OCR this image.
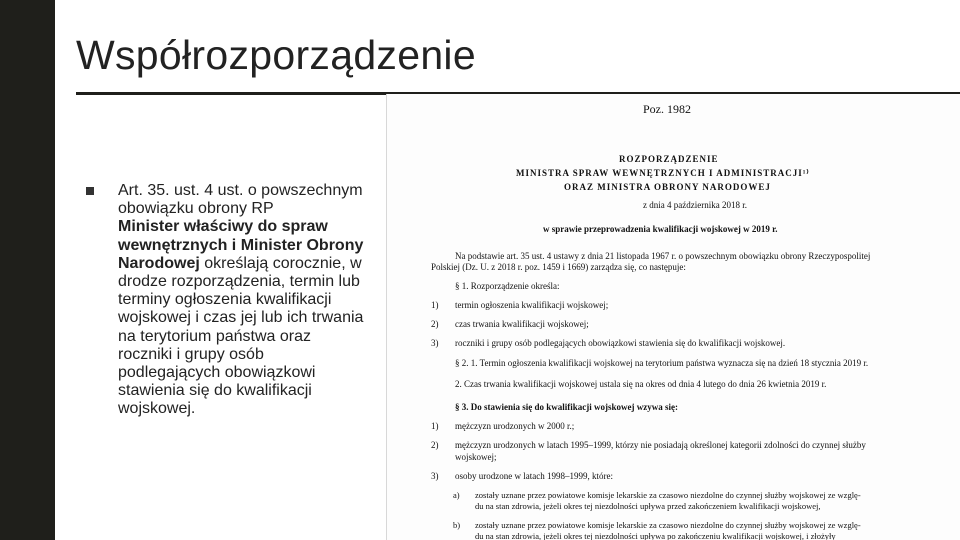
Współrozporządzenie
Art. 35. ust. 4 ust. o powszechnym obowiązku obrony RP
Minister właściwy do spraw wewnętrznych i Minister Obrony Narodowej określają corocznie, w drodze rozporządzenia, termin lub terminy ogłoszenia kwalifikacji wojskowej i czas jej lub ich trwania na terytorium państwa oraz roczniki i grupy osób podlegających obowiązkowi stawienia się do kwalifikacji wojskowej.
Poz. 1982
ROZPORZĄDZENIE
MINISTRA SPRAW WEWNĘTRZNYCH I ADMINISTRACJI¹⁾
ORAZ MINISTRA OBRONY NARODOWEJ
z dnia 4 października 2018 r.
w sprawie przeprowadzenia kwalifikacji wojskowej w 2019 r.
Na podstawie art. 35 ust. 4 ustawy z dnia 21 listopada 1967 r. o powszechnym obowiązku obrony Rzeczypospolitej
Polskiej (Dz. U. z 2018 r. poz. 1459 i 1669) zarządza się, co następuje:
§ 1. Rozporządzenie określa:
1) termin ogłoszenia kwalifikacji wojskowej;
2) czas trwania kwalifikacji wojskowej;
3) roczniki i grupy osób podlegających obowiązkowi stawienia się do kwalifikacji wojskowej.
§ 2. 1. Termin ogłoszenia kwalifikacji wojskowej na terytorium państwa wyznacza się na dzień 18 stycznia 2019 r.
2. Czas trwania kwalifikacji wojskowej ustala się na okres od dnia 4 lutego do dnia 26 kwietnia 2019 r.
§ 3. Do stawienia się do kwalifikacji wojskowej wzywa się:
1) mężczyzn urodzonych w 2000 r.;
2) mężczyzn urodzonych w latach 1995–1999, którzy nie posiadają określonej kategorii zdolności do czynnej służby
wojskowej;
3) osoby urodzone w latach 1998–1999, które:
a) zostały uznane przez powiatowe komisje lekarskie za czasowo niezdolne do czynnej służby wojskowej ze wzglę-
du na stan zdrowia, jeżeli okres tej niezdolności upływa przed zakończeniem kwalifikacji wojskowej,
b) zostały uznane przez powiatowe komisje lekarskie za czasowo niezdolne do czynnej służby wojskowej ze wzglę-
du na stan zdrowia, jeżeli okres tej niezdolności upływa po zakończeniu kwalifikacji wojskowej, i złożyły
